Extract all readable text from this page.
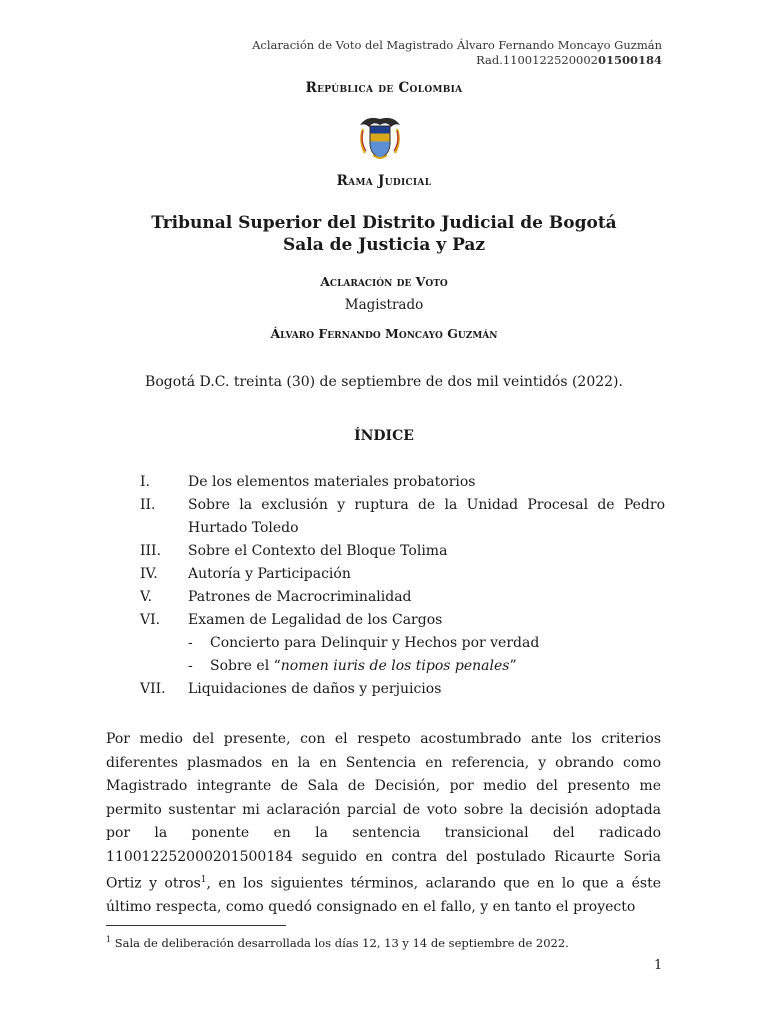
Aclaración de Voto del Magistrado Álvaro Fernando Moncayo Guzmán
Rad.110012252000201500184
República de Colombia
Rama Judicial
Tribunal Superior del Distrito Judicial de Bogotá
Sala de Justicia y Paz
Aclaración de Voto
Magistrado
Álvaro Fernando Moncayo Guzmán
Bogotá D.C. treinta (30) de septiembre de dos mil veintidós (2022).
ÍNDICE
I.	De los elementos materiales probatorios
II.	Sobre la exclusión y ruptura de la Unidad Procesal de Pedro Hurtado Toledo
III.	Sobre el Contexto del Bloque Tolima
IV.	Autoría y Participación
V.	Patrones de Macrocriminalidad
VI.	Examen de Legalidad de los Cargos
-	Concierto para Delinquir y Hechos por verdad
-	Sobre el “nomen iuris de los tipos penales”
VII.	Liquidaciones de daños y perjuicios
Por medio del presente, con el respeto acostumbrado ante los criterios diferentes plasmados en la en Sentencia en referencia, y obrando como Magistrado integrante de Sala de Decisión, por medio del presento me permito sustentar mi aclaración parcial de voto sobre la decisión adoptada por la ponente en la sentencia transicional del radicado 11001225200020150018​4 seguido en contra del postulado Ricaurte Soria Ortiz y otros$^1$, en los siguientes términos, aclarando que en lo que a éste último respecta, como quedó consignado en el fallo, y en tanto el proyecto
$^1$ Sala de deliberación desarrollada los días 12, 13 y 14 de septiembre de 2022.
1
